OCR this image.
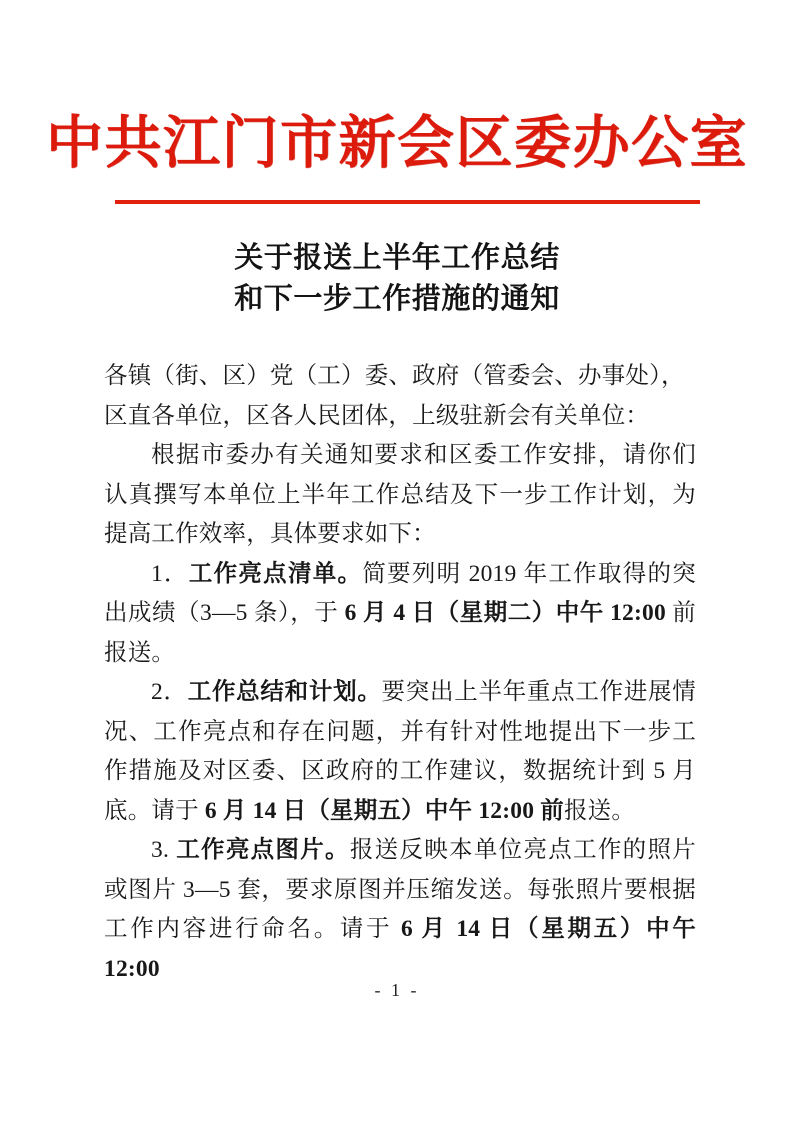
中共江门市新会区委办公室
关于报送上半年工作总结
和下一步工作措施的通知

各镇（街、区）党（工）委、政府（管委会、办事处），

区直各单位，区各人民团体，上级驻新会有关单位：

根据市委办有关通知要求和区委工作安排，请你们认真撰写本单位上半年工作总结及下一步工作计划，为提高工作效率，具体要求如下：

1．工作亮点清单。简要列明 2019 年工作取得的突出成绩（3—5 条），于 6 月 4 日（星期二）中午 12:00 前报送。

2．工作总结和计划。要突出上半年重点工作进展情况、工作亮点和存在问题，并有针对性地提出下一步工作措施及对区委、区政府的工作建议，数据统计到 5 月底。请于 6 月 14 日（星期五）中午 12:00 前报送。

3. 工作亮点图片。报送反映本单位亮点工作的照片或图片 3—5 套，要求原图并压缩发送。每张照片要根据工作内容进行命名。请于 6 月 14 日（星期五）中午 12:00

- 1 -
